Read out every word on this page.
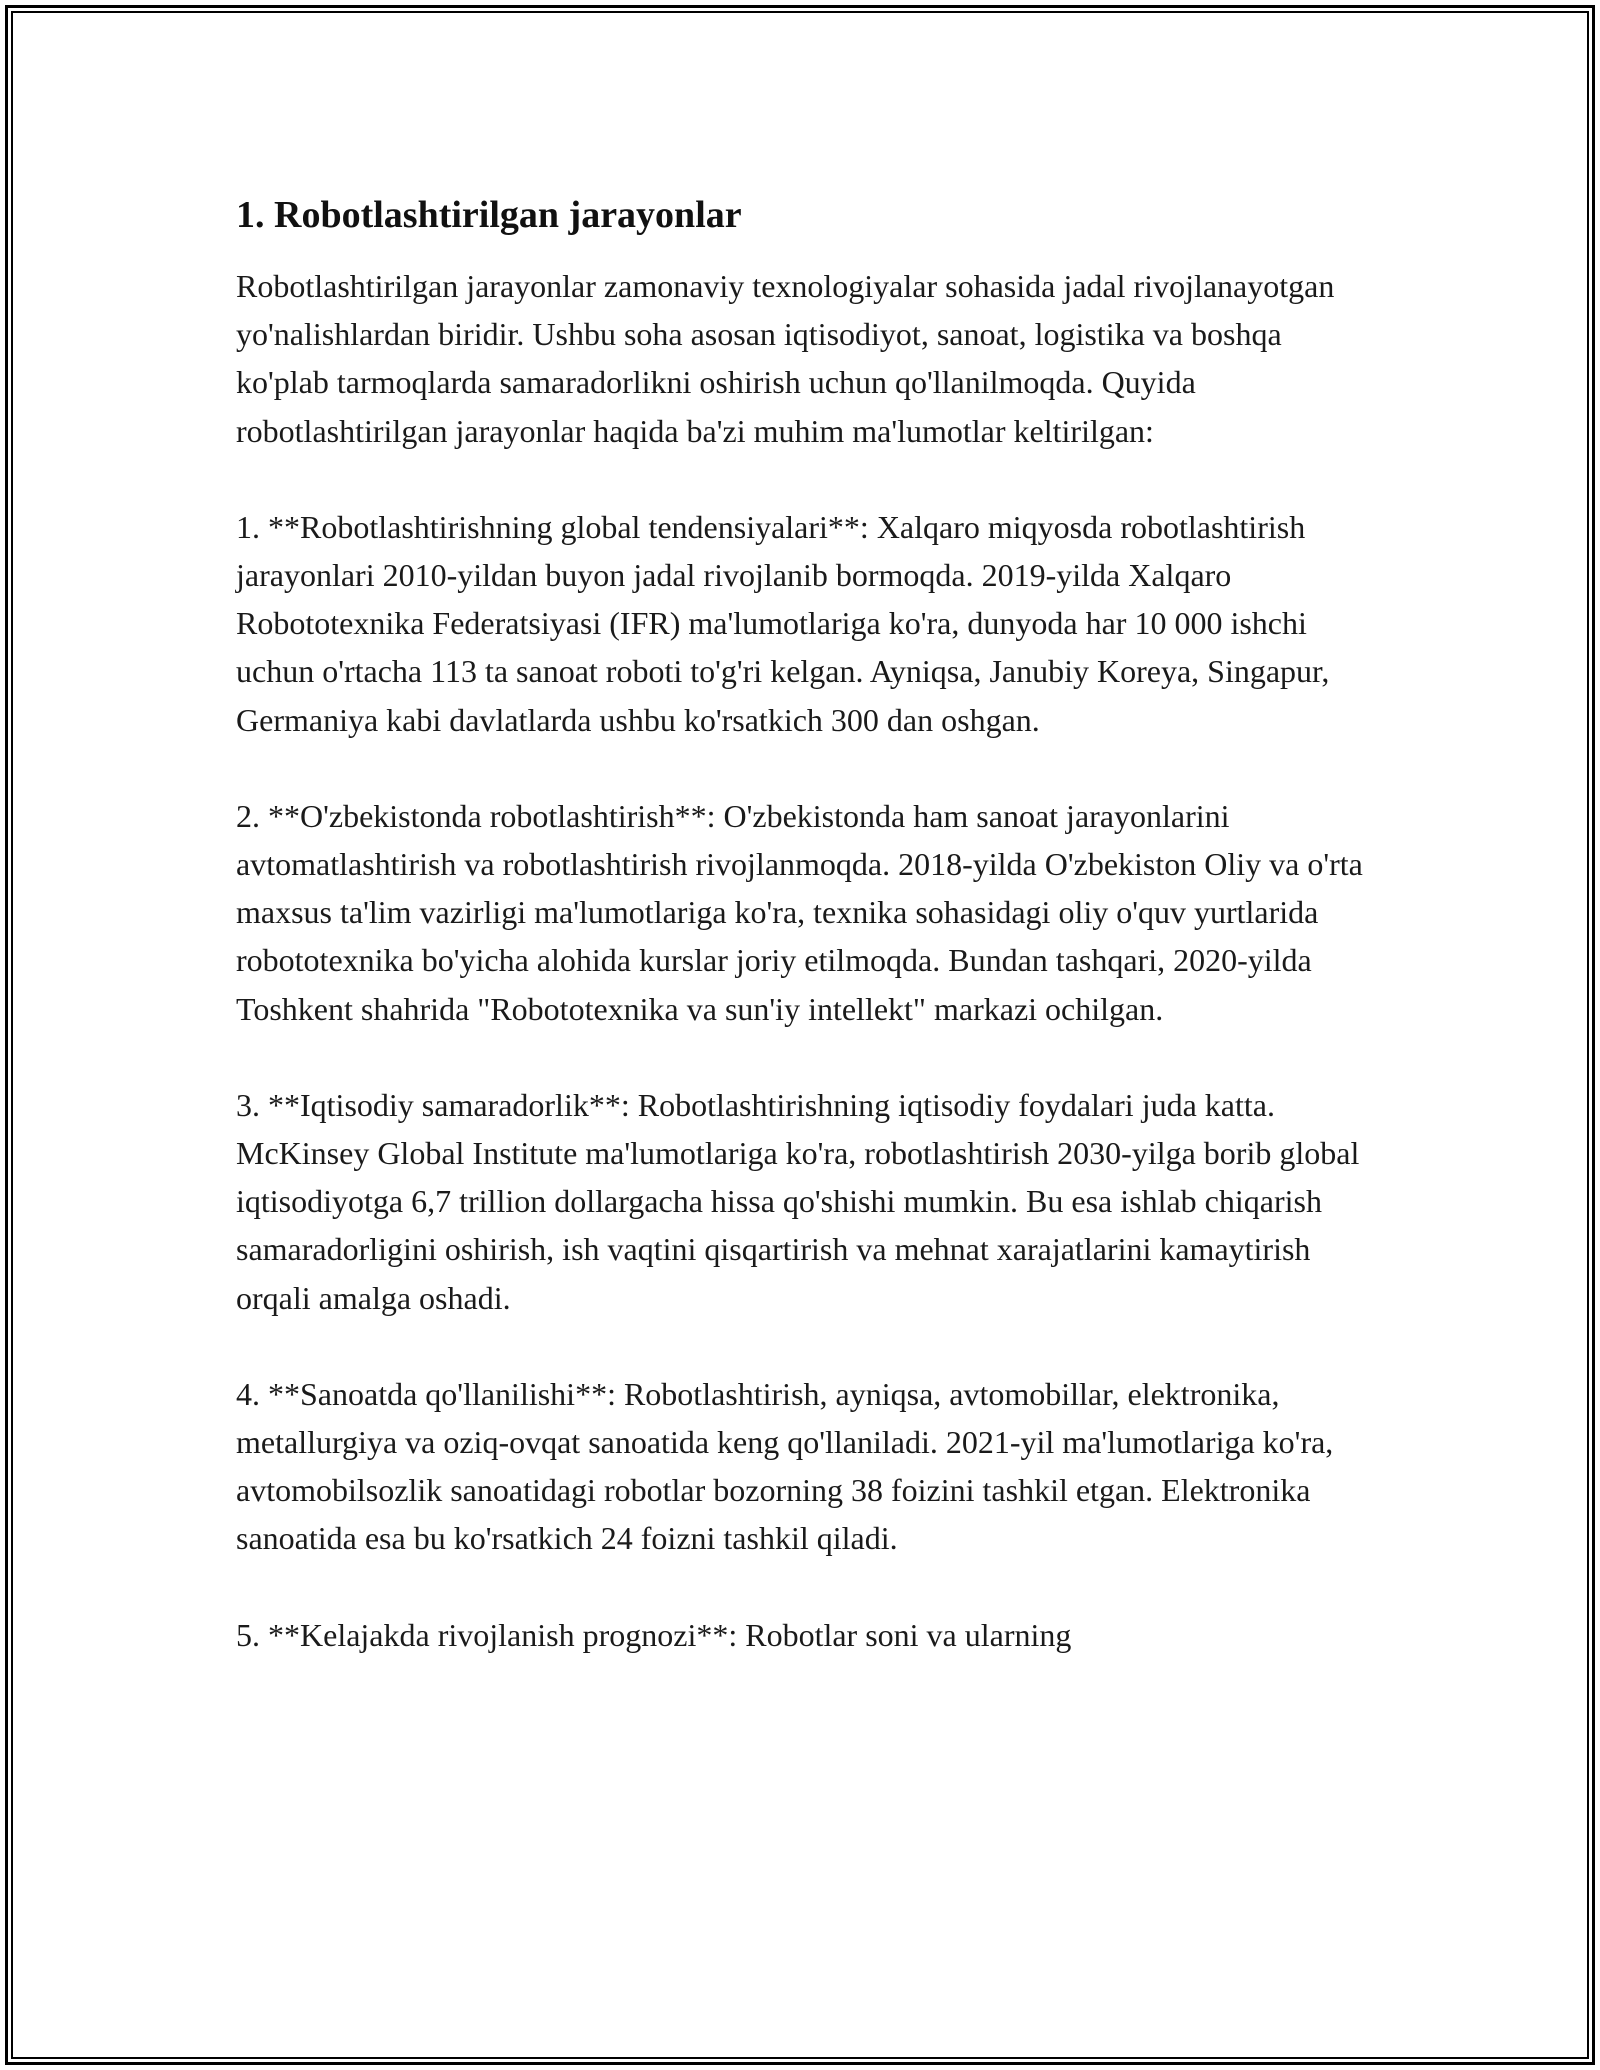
1. Robotlashtirilgan jarayonlar

Robotlashtirilgan jarayonlar zamonaviy texnologiyalar sohasida jadal rivojlanayotgan yo'nalishlardan biridir. Ushbu soha asosan iqtisodiyot, sanoat, logistika va boshqa ko'plab tarmoqlarda samaradorlikni oshirish uchun qo'llanilmoqda. Quyida robotlashtirilgan jarayonlar haqida ba'zi muhim ma'lumotlar keltirilgan:

1. **Robotlashtirishning global tendensiyalari**: Xalqaro miqyosda robotlashtirish jarayonlari 2010-yildan buyon jadal rivojlanib bormoqda. 2019-yilda Xalqaro Robototexnika Federatsiyasi (IFR) ma'lumotlariga ko'ra, dunyoda har 10 000 ishchi uchun o'rtacha 113 ta sanoat roboti to'g'ri kelgan. Ayniqsa, Janubiy Koreya, Singapur, Germaniya kabi davlatlarda ushbu ko'rsatkich 300 dan oshgan.

2. **O'zbekistonda robotlashtirish**: O'zbekistonda ham sanoat jarayonlarini avtomatlashtirish va robotlashtirish rivojlanmoqda. 2018-yilda O'zbekiston Oliy va o'rta maxsus ta'lim vazirligi ma'lumotlariga ko'ra, texnika sohasidagi oliy o'quv yurtlarida robototexnika bo'yicha alohida kurslar joriy etilmoqda. Bundan tashqari, 2020-yilda Toshkent shahrida "Robototexnika va sun'iy intellekt" markazi ochilgan.

3. **Iqtisodiy samaradorlik**: Robotlashtirishning iqtisodiy foydalari juda katta. McKinsey Global Institute ma'lumotlariga ko'ra, robotlashtirish 2030-yilga borib global iqtisodiyotga 6,7 trillion dollargacha hissa qo'shishi mumkin. Bu esa ishlab chiqarish samaradorligini oshirish, ish vaqtini qisqartirish va mehnat xarajatlarini kamaytirish orqali amalga oshadi.

4. **Sanoatda qo'llanilishi**: Robotlashtirish, ayniqsa, avtomobillar, elektronika, metallurgiya va oziq-ovqat sanoatida keng qo'llaniladi. 2021-yil ma'lumotlariga ko'ra, avtomobilsozlik sanoatidagi robotlar bozorning 38 foizini tashkil etgan. Elektronika sanoatida esa bu ko'rsatkich 24 foizni tashkil qiladi.

5. **Kelajakda rivojlanish prognozi**: Robotlar soni va ularning
